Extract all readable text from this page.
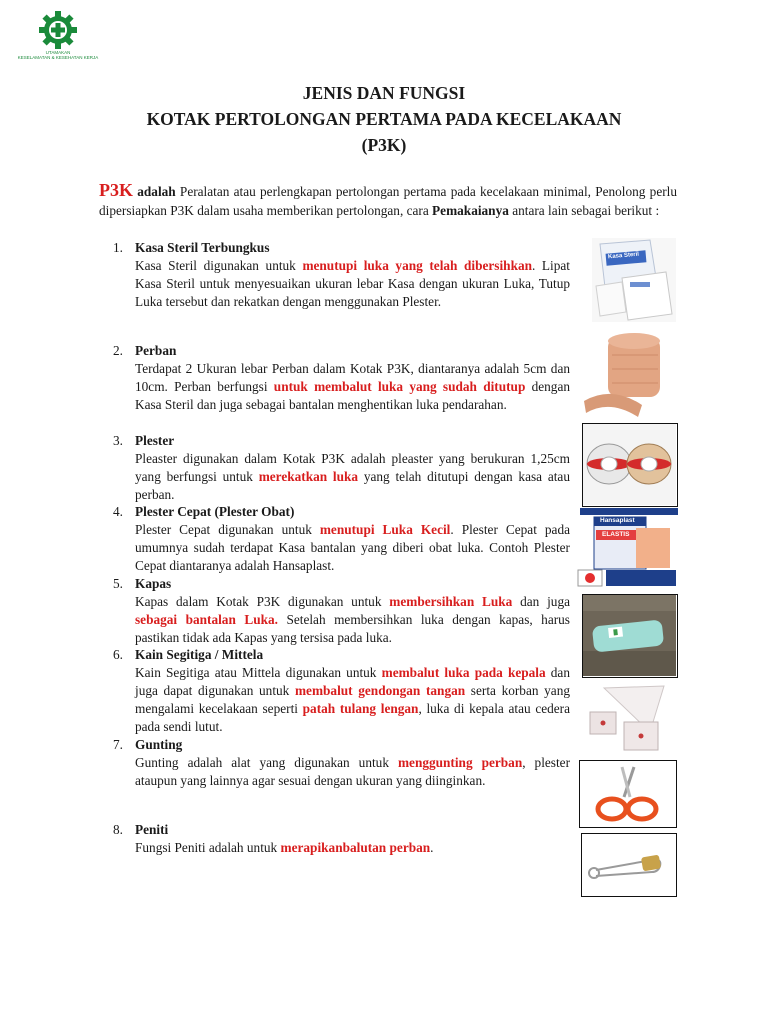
UTAMAKAN
KESELAMATAN & KESEHATAN KERJA
JENIS DAN FUNGSI
KOTAK PERTOLONGAN PERTAMA PADA KECELAKAAN
(P3K)
P3K adalah Peralatan atau perlengkapan pertolongan pertama pada kecelakaan minimal, Penolong perlu dipersiapkan P3K dalam usaha memberikan pertolongan, cara Pemakaianya antara lain sebagai berikut :
1. Kasa Steril Terbungkus
Kasa Steril digunakan untuk menutupi luka yang telah dibersihkan. Lipat Kasa Steril untuk menyesuaikan ukuran lebar Kasa dengan ukuran Luka, Tutup Luka tersebut dan rekatkan dengan menggunakan Plester.
2. Perban
Terdapat 2 Ukuran lebar Perban dalam Kotak P3K, diantaranya adalah 5cm dan 10cm. Perban berfungsi untuk membalut luka yang sudah ditutup dengan Kasa Steril dan juga sebagai bantalan menghentikan luka pendarahan.
3. Plester
Pleaster digunakan dalam Kotak P3K adalah pleaster yang berukuran 1,25cm yang berfungsi untuk merekatkan luka yang telah ditutupi dengan kasa atau perban.
4. Plester Cepat (Plester Obat)
Plester Cepat digunakan untuk menutupi Luka Kecil. Plester Cepat pada umumnya sudah terdapat Kasa bantalan yang diberi obat luka. Contoh Plester Cepat diantaranya adalah Hansaplast.
5. Kapas
Kapas dalam Kotak P3K digunakan untuk membersihkan Luka dan juga sebagai bantalan Luka. Setelah membersihkan luka dengan kapas, harus pastikan tidak ada Kapas yang tersisa pada luka.
6. Kain Segitiga / Mittela
Kain Segitiga atau Mittela digunakan untuk membalut luka pada kepala dan juga dapat digunakan untuk membalut gendongan tangan serta korban yang mengalami kecelakaan seperti patah tulang lengan, luka di kepala atau cedera pada sendi lutut.
7. Gunting
Gunting adalah alat yang digunakan untuk menggunting perban, plester ataupun yang lainnya agar sesuai dengan ukuran yang diinginkan.
8. Peniti
Fungsi Peniti adalah untuk merapikanbalutan perban.
Kasa Steril
Hansaplast
ELASTIS
